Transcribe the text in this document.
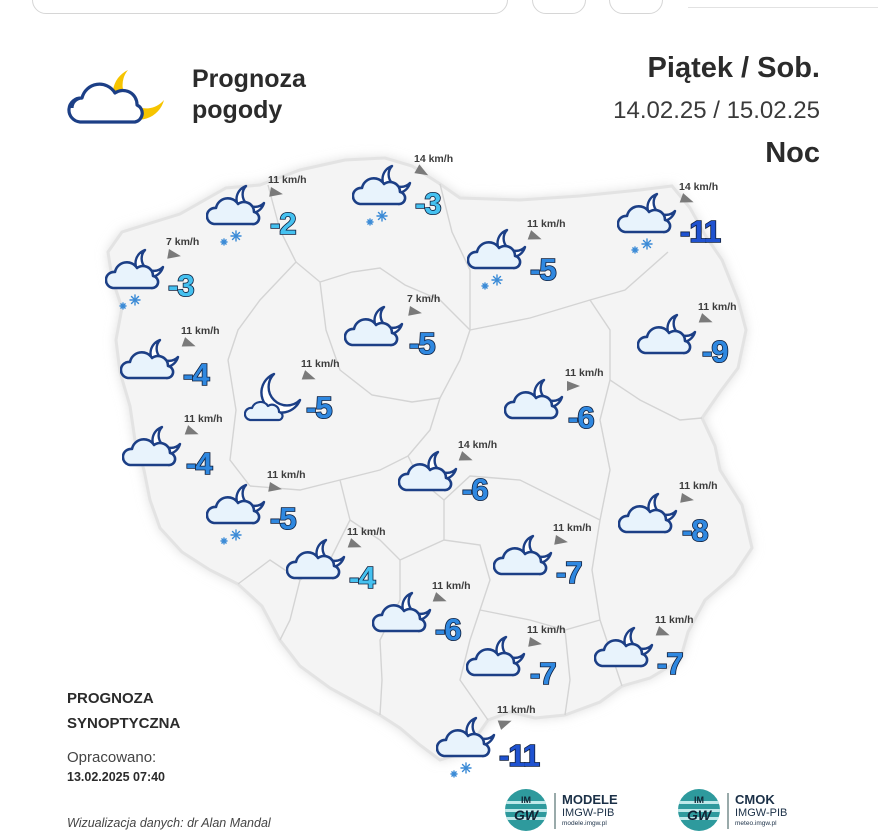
Prognoza
pogody
Piątek / Sob.
14.02.25 / 15.02.25
Noc
-3
7 km/h
-2
11 km/h
-3
14 km/h
-5
11 km/h	-11
14 km/h
-4
11 km/h
-5
11 km/h
-5
7 km/h
-9
11 km/h
-4
11 km/h	-6
11 km/h
-6
14 km/h
-5
11 km/h
-8
11 km/h
-4
11 km/h
-7
11 km/h
-6
11 km/h
-7
11 km/h
-7
11 km/h
-11
11 km/h
PROGNOZA
SYNOPTYCZNA
Opracowano:
13.02.2025 07:40
Wizualizacja danych: dr Alan Mandal
IM
GW
MODELE
IMGW-PIB
modele.imgw.pl
IM
GW
CMOK
IMGW-PIB
meteo.imgw.pl
